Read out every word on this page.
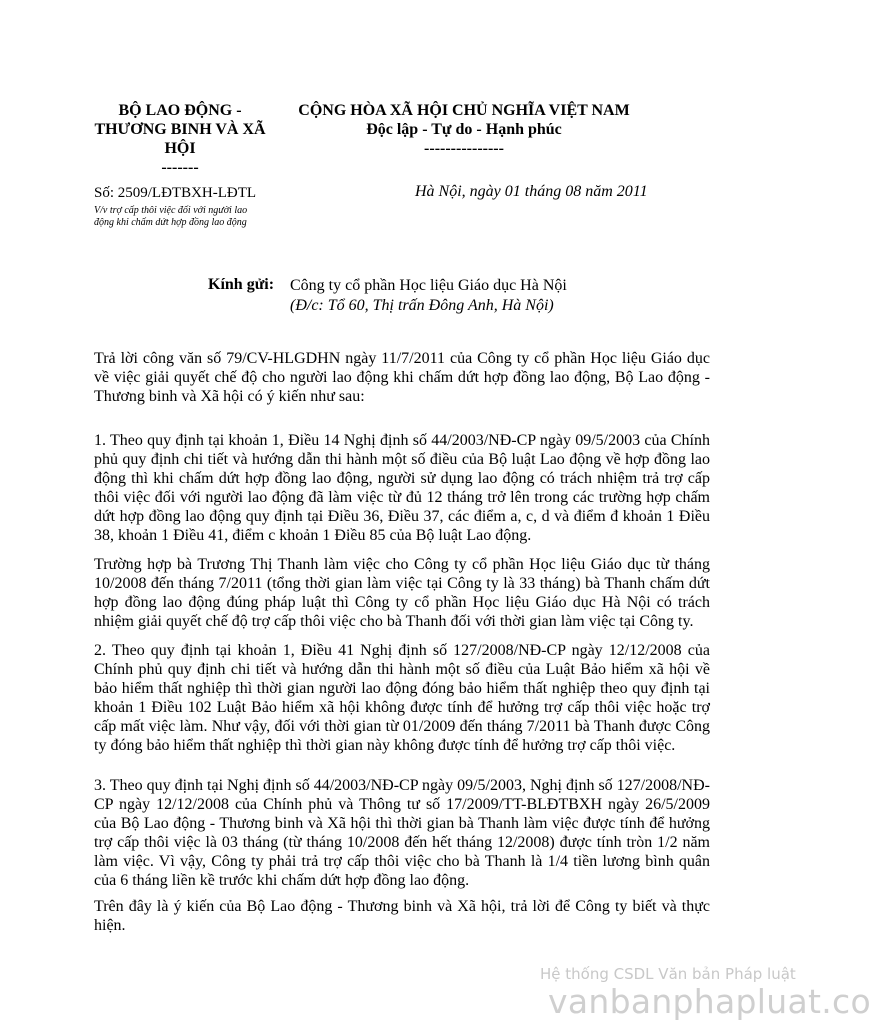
BỘ LAO ĐỘNG -
THƯƠNG BINH VÀ XÃ
HỘI
-------
CỘNG HÒA XÃ HỘI CHỦ NGHĨA VIỆT NAM
Độc lập - Tự do - Hạnh phúc
---------------
Số: 2509/LĐTBXH-LĐTL
V/v trợ cấp thôi việc đối với người lao
động khi chấm dứt hợp đồng lao động
Hà Nội, ngày 01 tháng 08 năm 2011
Kính gửi: Công ty cổ phần Học liệu Giáo dục Hà Nội
(Đ/c: Tổ 60, Thị trấn Đông Anh, Hà Nội)

Trả lời công văn số 79/CV-HLGDHN ngày 11/7/2011 của Công ty cổ phần Học liệu Giáo dục về việc giải quyết chế độ cho người lao động khi chấm dứt hợp đồng lao động, Bộ Lao động - Thương binh và Xã hội có ý kiến như sau:

1. Theo quy định tại khoản 1, Điều 14 Nghị định số 44/2003/NĐ-CP ngày 09/5/2003 của Chính phủ quy định chi tiết và hướng dẫn thi hành một số điều của Bộ luật Lao động về hợp đồng lao động thì khi chấm dứt hợp đồng lao động, người sử dụng lao động có trách nhiệm trả trợ cấp thôi việc đối với người lao động đã làm việc từ đủ 12 tháng trở lên trong các trường hợp chấm dứt hợp đồng lao động quy định tại Điều 36, Điều 37, các điểm a, c, d và điểm đ khoản 1 Điều 38, khoản 1 Điều 41, điểm c khoản 1 Điều 85 của Bộ luật Lao động.

Trường hợp bà Trương Thị Thanh làm việc cho Công ty cổ phần Học liệu Giáo dục từ tháng 10/2008 đến tháng 7/2011 (tổng thời gian làm việc tại Công ty là 33 tháng) bà Thanh chấm dứt hợp đồng lao động đúng pháp luật thì Công ty cổ phần Học liệu Giáo dục Hà Nội có trách nhiệm giải quyết chế độ trợ cấp thôi việc cho bà Thanh đối với thời gian làm việc tại Công ty.

2. Theo quy định tại khoản 1, Điều 41 Nghị định số 127/2008/NĐ-CP ngày 12/12/2008 của Chính phủ quy định chi tiết và hướng dẫn thi hành một số điều của Luật Bảo hiểm xã hội về bảo hiểm thất nghiệp thì thời gian người lao động đóng bảo hiểm thất nghiệp theo quy định tại khoản 1 Điều 102 Luật Bảo hiểm xã hội không được tính để hưởng trợ cấp thôi việc hoặc trợ cấp mất việc làm. Như vậy, đối với thời gian từ 01/2009 đến tháng 7/2011 bà Thanh được Công ty đóng bảo hiểm thất nghiệp thì thời gian này không được tính để hưởng trợ cấp thôi việc.

3. Theo quy định tại Nghị định số 44/2003/NĐ-CP ngày 09/5/2003, Nghị định số 127/2008/NĐ-CP ngày 12/12/2008 của Chính phủ và Thông tư số 17/2009/TT-BLĐTBXH ngày 26/5/2009 của Bộ Lao động - Thương binh và Xã hội thì thời gian bà Thanh làm việc được tính để hưởng trợ cấp thôi việc là 03 tháng (từ tháng 10/2008 đến hết tháng 12/2008) được tính tròn 1/2 năm làm việc. Vì vậy, Công ty phải trả trợ cấp thôi việc cho bà Thanh là 1/4 tiền lương bình quân của 6 tháng liền kề trước khi chấm dứt hợp đồng lao động.

Trên đây là ý kiến của Bộ Lao động - Thương binh và Xã hội, trả lời để Công ty biết và thực hiện.

Hệ thống CSDL Văn bản Pháp luật
vanbanphapluat.co
